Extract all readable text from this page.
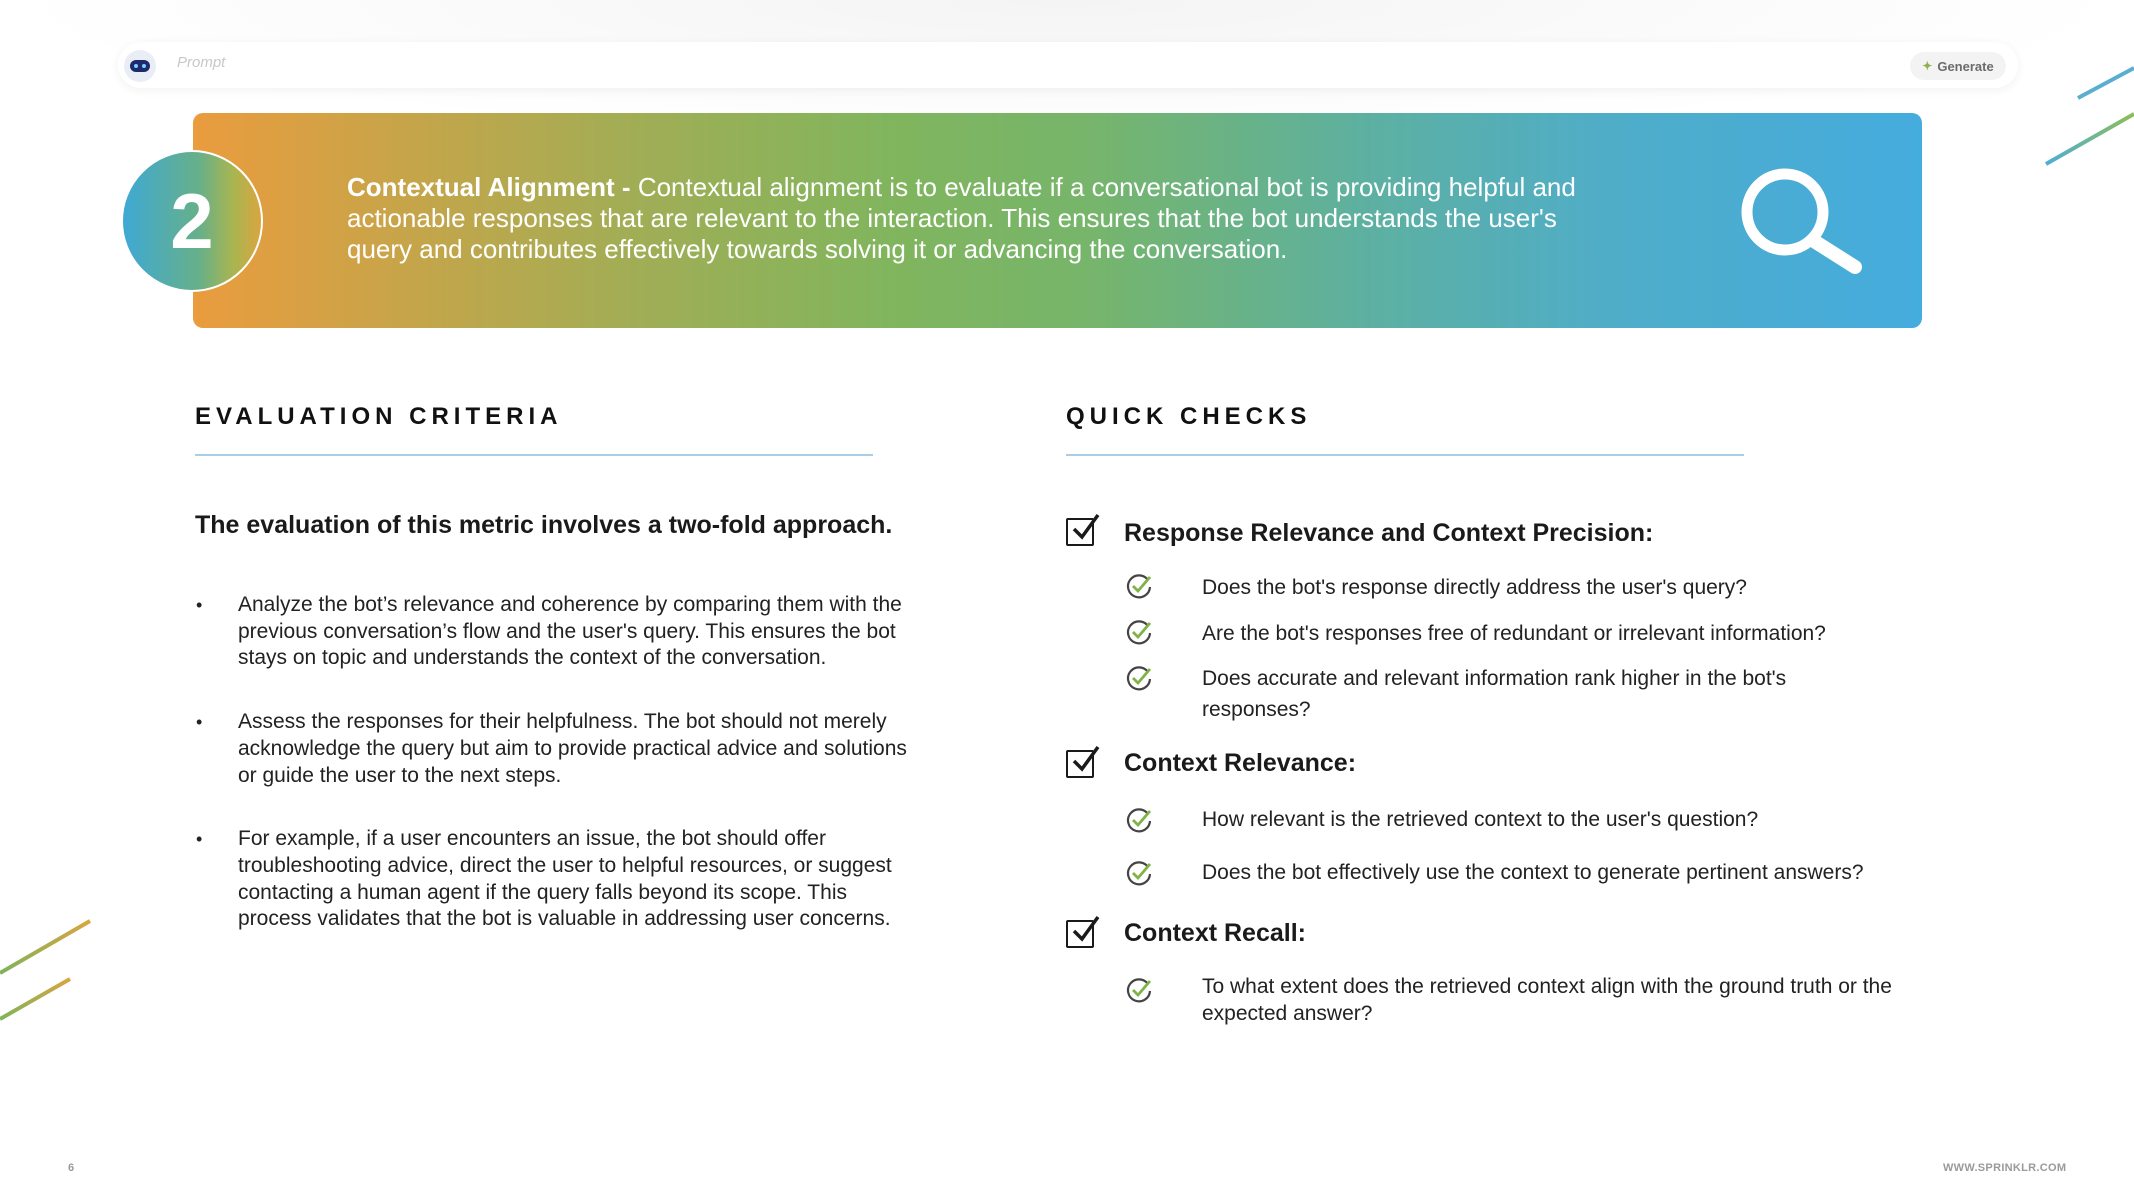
Prompt	✦ Generate
2	Contextual Alignment - Contextual alignment is to evaluate if a conversational bot is providing helpful and actionable responses that are relevant to the interaction. This ensures that the bot understands the user's query and contributes effectively towards solving it or advancing the conversation.
EVALUATION CRITERIA
The evaluation of this metric involves a two-fold approach.
• Analyze the bot’s relevance and coherence by comparing them with the previous conversation’s flow and the user's query. This ensures the bot stays on topic and understands the context of the conversation.
• Assess the responses for their helpfulness. The bot should not merely acknowledge the query but aim to provide practical advice and solutions or guide the user to the next steps.
• For example, if a user encounters an issue, the bot should offer troubleshooting advice, direct the user to helpful resources, or suggest contacting a human agent if the query falls beyond its scope. This process validates that the bot is valuable in addressing user concerns.
QUICK CHECKS
Response Relevance and Context Precision:
Does the bot's response directly address the user's query?
Are the bot's responses free of redundant or irrelevant information?
Does accurate and relevant information rank higher in the bot's responses?
Context Relevance:
How relevant is the retrieved context to the user's question?
Does the bot effectively use the context to generate pertinent answers?
Context Recall:
To what extent does the retrieved context align with the ground truth or the expected answer?
6	WWW.SPRINKLR.COM
